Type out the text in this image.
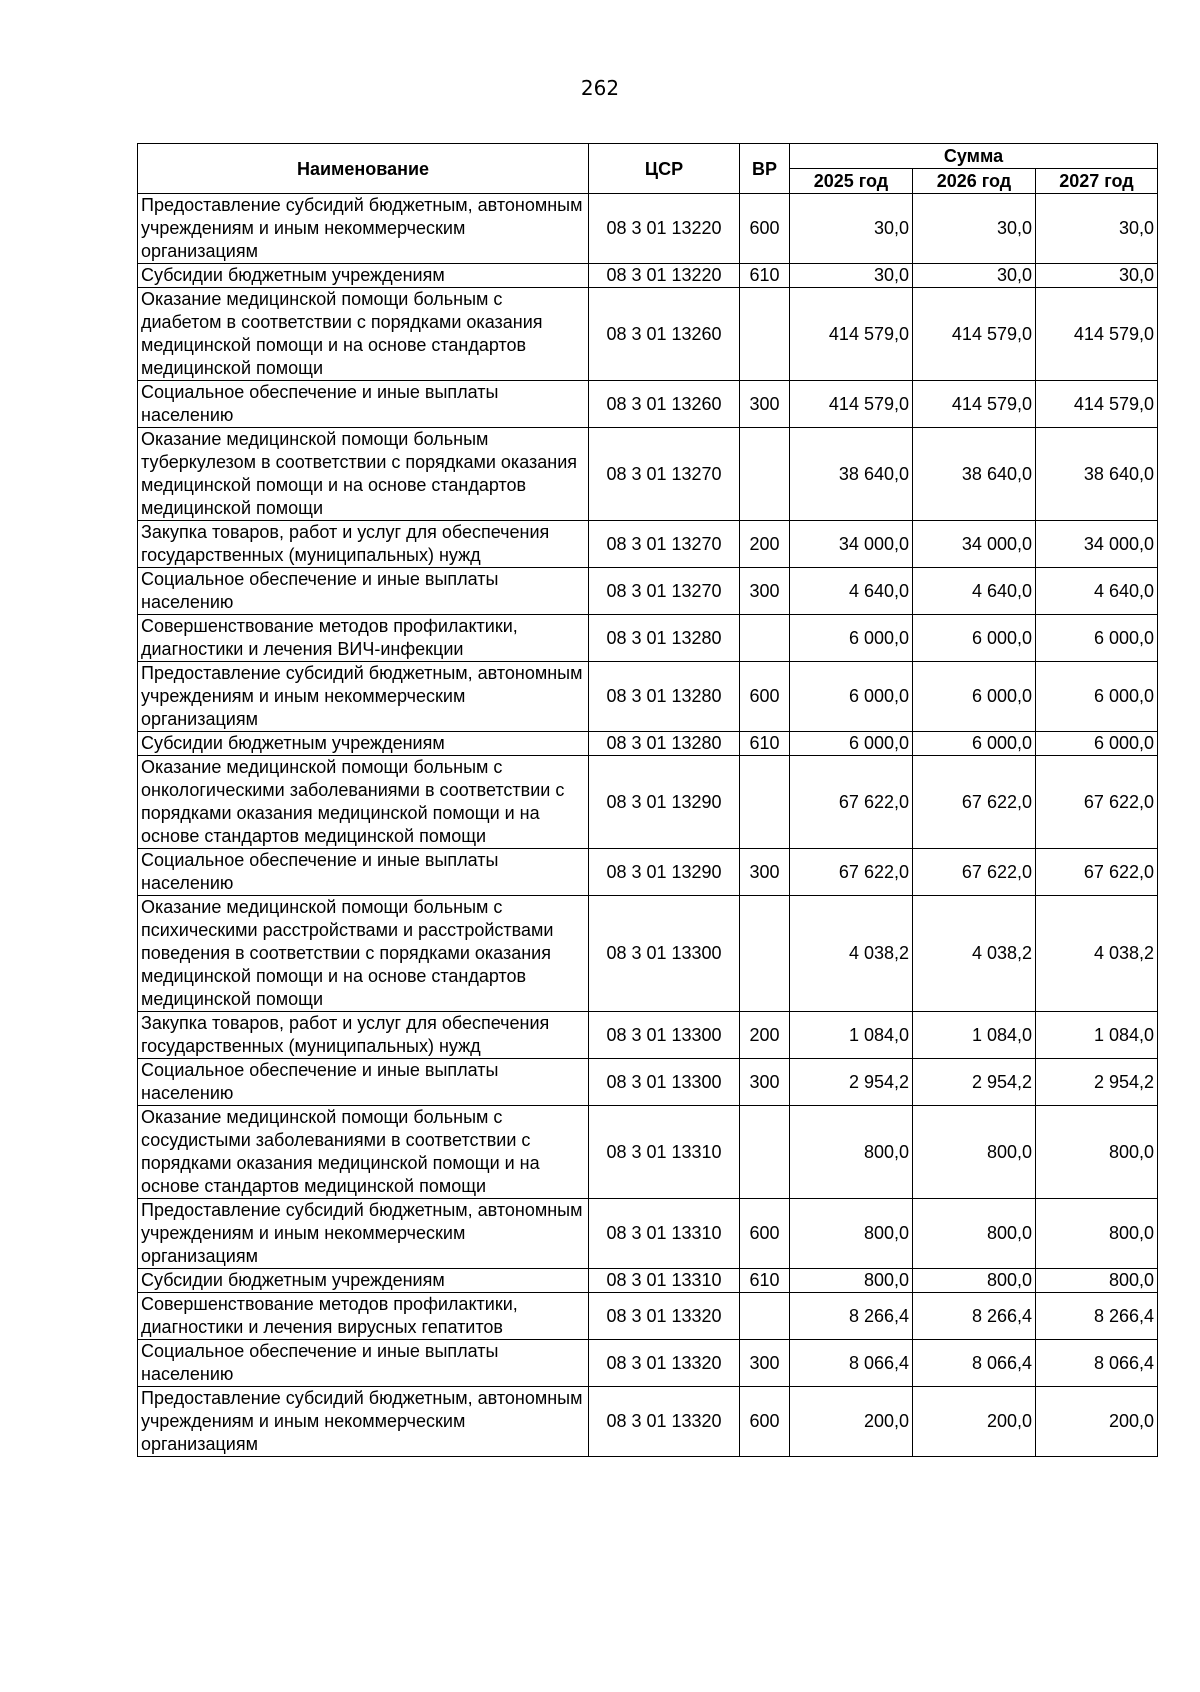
262
Наименование	ЦСР	ВР	Сумма		
			2025 год	2026 год	2027 год
Предоставление субсидий бюджетным, автономным учреждениям и иным некоммерческим организациям	08 3 01 13220	600	30,0	30,0	30,0
Субсидии бюджетным учреждениям	08 3 01 13220	610	30,0	30,0	30,0
Оказание медицинской помощи больным с диабетом в соответствии с порядками оказания медицинской помощи и на основе стандартов медицинской помощи	08 3 01 13260		414 579,0	414 579,0	414 579,0
Социальное обеспечение и иные выплаты населению	08 3 01 13260	300	414 579,0	414 579,0	414 579,0
Оказание медицинской помощи больным туберкулезом в соответствии с порядками оказания медицинской помощи и на основе стандартов медицинской помощи	08 3 01 13270		38 640,0	38 640,0	38 640,0
Закупка товаров, работ и услуг для обеспечения государственных (муниципальных) нужд	08 3 01 13270	200	34 000,0	34 000,0	34 000,0
Социальное обеспечение и иные выплаты населению	08 3 01 13270	300	4 640,0	4 640,0	4 640,0
Совершенствование методов профилактики, диагностики и лечения ВИЧ-инфекции	08 3 01 13280		6 000,0	6 000,0	6 000,0
Предоставление субсидий бюджетным, автономным учреждениям и иным некоммерческим организациям	08 3 01 13280	600	6 000,0	6 000,0	6 000,0
Субсидии бюджетным учреждениям	08 3 01 13280	610	6 000,0	6 000,0	6 000,0
Оказание медицинской помощи больным с онкологическими заболеваниями в соответствии с порядками оказания медицинской помощи и на основе стандартов медицинской помощи	08 3 01 13290		67 622,0	67 622,0	67 622,0
Социальное обеспечение и иные выплаты населению	08 3 01 13290	300	67 622,0	67 622,0	67 622,0
Оказание медицинской помощи больным с психическими расстройствами и расстройствами поведения в соответствии с порядками оказания медицинской помощи и на основе стандартов медицинской помощи	08 3 01 13300		4 038,2	4 038,2	4 038,2
Закупка товаров, работ и услуг для обеспечения государственных (муниципальных) нужд	08 3 01 13300	200	1 084,0	1 084,0	1 084,0
Социальное обеспечение и иные выплаты населению	08 3 01 13300	300	2 954,2	2 954,2	2 954,2
Оказание медицинской помощи больным с сосудистыми заболеваниями в соответствии с порядками оказания медицинской помощи и на основе стандартов медицинской помощи	08 3 01 13310		800,0	800,0	800,0
Предоставление субсидий бюджетным, автономным учреждениям и иным некоммерческим организациям	08 3 01 13310	600	800,0	800,0	800,0
Субсидии бюджетным учреждениям	08 3 01 13310	610	800,0	800,0	800,0
Совершенствование методов профилактики, диагностики и лечения вирусных гепатитов	08 3 01 13320		8 266,4	8 266,4	8 266,4
Социальное обеспечение и иные выплаты населению	08 3 01 13320	300	8 066,4	8 066,4	8 066,4
Предоставление субсидий бюджетным, автономным учреждениям и иным некоммерческим организациям	08 3 01 13320	600	200,0	200,0	200,0
